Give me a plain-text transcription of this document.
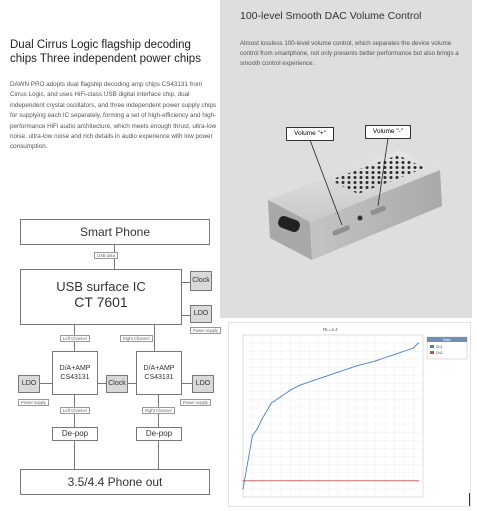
Dual Cirrus Logic flagship decoding chips Three independent power chips
DAWN PRO adopts dual flagship decoding amp chips CS43131 from Cirrus Logic, and uses HiFi-class USB digital interface chip, dual independent crystal oscillators, and three independent power supply chips for supplying each IC separately, forming a set of high-efficiency and high-performance HiFi audio architecture, which meets enough thrust, ultra-low noise, ultra-low noise and rich details in audio experience with low power consumption.
100-level Smooth DAC Volume Control
Almost lossless 100-level volume control, which separates the device volume control from smartphone, not only presents better performance but also brings a smooth control experience.
Volume "+"	Volume "-"
Smart Phone
USB data
USB surface IC
CT 7601
Clock
LDO
Power supply
Left Channel	Right Channel
D/A+AMP
CS43131
D/A+AMP
CS43131
Clock
LDO
Power supply
LDO
Power supply
Left Channel	Right Channel
De-pop	De-pop
3.5/4.4 Phone out
RL=4.4
Data
Ch1
Ch2
